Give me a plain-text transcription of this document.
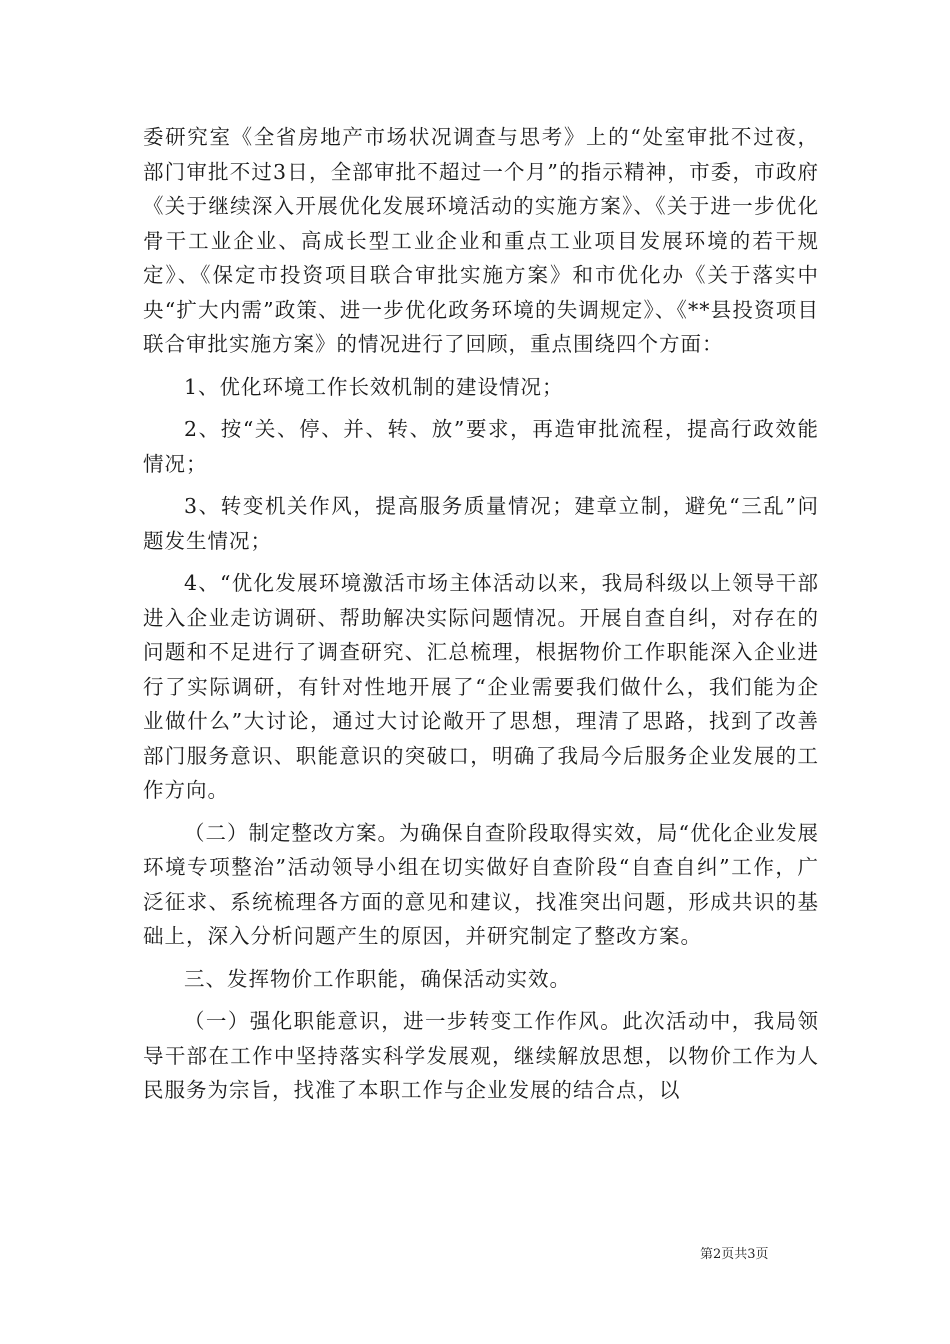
委研究室《全省房地产市场状况调查与思考》上的“处室审批不过夜，部门审批不过3日，全部审批不超过一个月”的指示精神，市委，市政府《关于继续深入开展优化发展环境活动的实施方案》、《关于进一步优化骨干工业企业、高成长型工业企业和重点工业项目发展环境的若干规定》、《保定市投资项目联合审批实施方案》和市优化办《关于落实中央“扩大内需”政策、进一步优化政务环境的失调规定》、《**县投资项目联合审批实施方案》的情况进行了回顾，重点围绕四个方面：

1、优化环境工作长效机制的建设情况；

2、按“关、停、并、转、放”要求，再造审批流程，提高行政效能情况；

3、转变机关作风，提高服务质量情况；建章立制，避免“三乱”问题发生情况；

4、“优化发展环境激活市场主体活动以来，我局科级以上领导干部进入企业走访调研、帮助解决实际问题情况。开展自查自纠，对存在的问题和不足进行了调查研究、汇总梳理，根据物价工作职能深入企业进行了实际调研，有针对性地开展了“企业需要我们做什么，我们能为企业做什么”大讨论，通过大讨论敞开了思想，理清了思路，找到了改善部门服务意识、职能意识的突破口，明确了我局今后服务企业发展的工作方向。

（二）制定整改方案。为确保自查阶段取得实效，局“优化企业发展环境专项整治”活动领导小组在切实做好自查阶段“自查自纠”工作，广泛征求、系统梳理各方面的意见和建议，找准突出问题，形成共识的基础上，深入分析问题产生的原因，并研究制定了整改方案。

三、发挥物价工作职能，确保活动实效。

（一）强化职能意识，进一步转变工作作风。此次活动中，我局领导干部在工作中坚持落实科学发展观，继续解放思想，以物价工作为人民服务为宗旨，找准了本职工作与企业发展的结合点，以

第2页共3页
